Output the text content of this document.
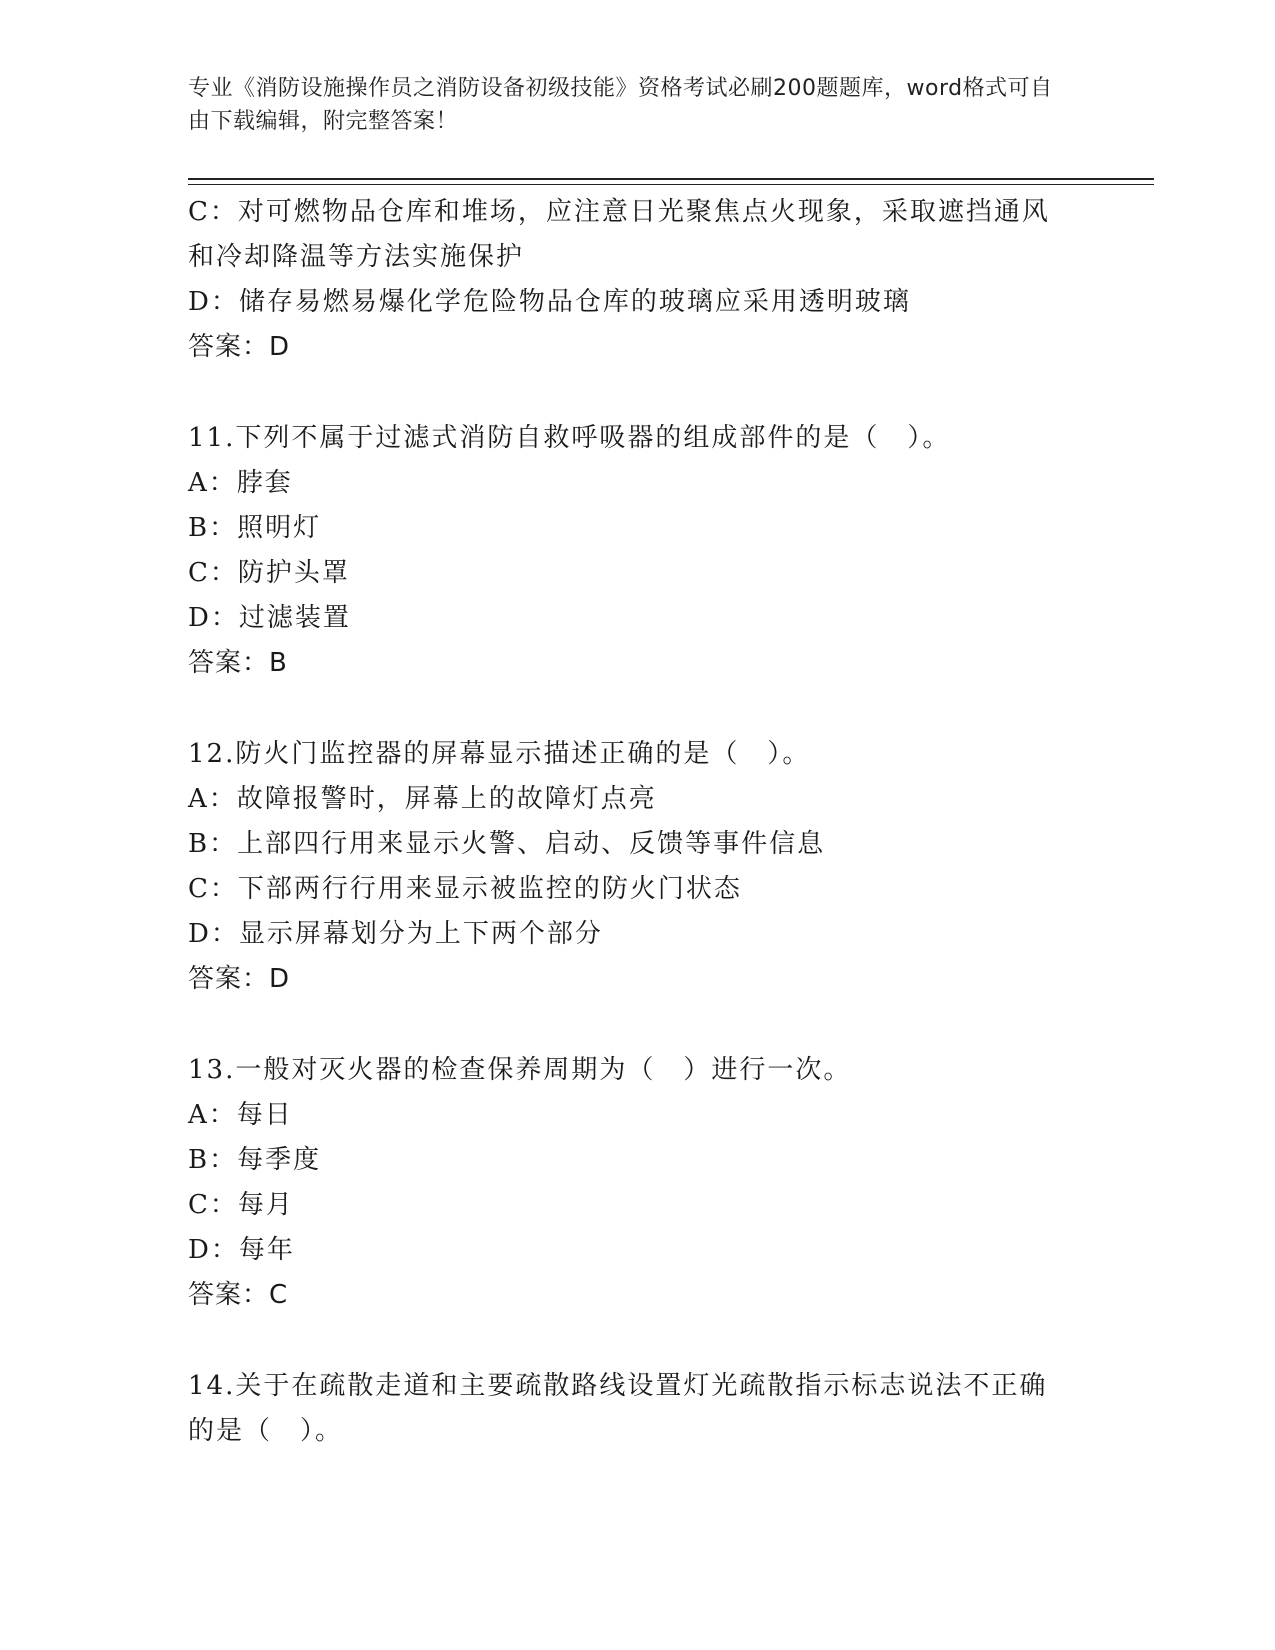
专业《消防设施操作员之消防设备初级技能》资格考试必刷200题题库，word格式可自由下载编辑，附完整答案！
C：对可燃物品仓库和堆场，应注意日光聚焦点火现象，采取遮挡通风和冷却降温等方法实施保护
D：储存易燃易爆化学危险物品仓库的玻璃应采用透明玻璃
答案：D
11.下列不属于过滤式消防自救呼吸器的组成部件的是（　）。
A：脖套
B：照明灯
C：防护头罩
D：过滤装置
答案：B
12.防火门监控器的屏幕显示描述正确的是（　）。
A：故障报警时，屏幕上的故障灯点亮
B：上部四行用来显示火警、启动、反馈等事件信息
C：下部两行行用来显示被监控的防火门状态
D：显示屏幕划分为上下两个部分
答案：D
13.一般对灭火器的检查保养周期为（　）进行一次。
A：每日
B：每季度
C：每月
D：每年
答案：C
14.关于在疏散走道和主要疏散路线设置灯光疏散指示标志说法不正确的是（　）。
